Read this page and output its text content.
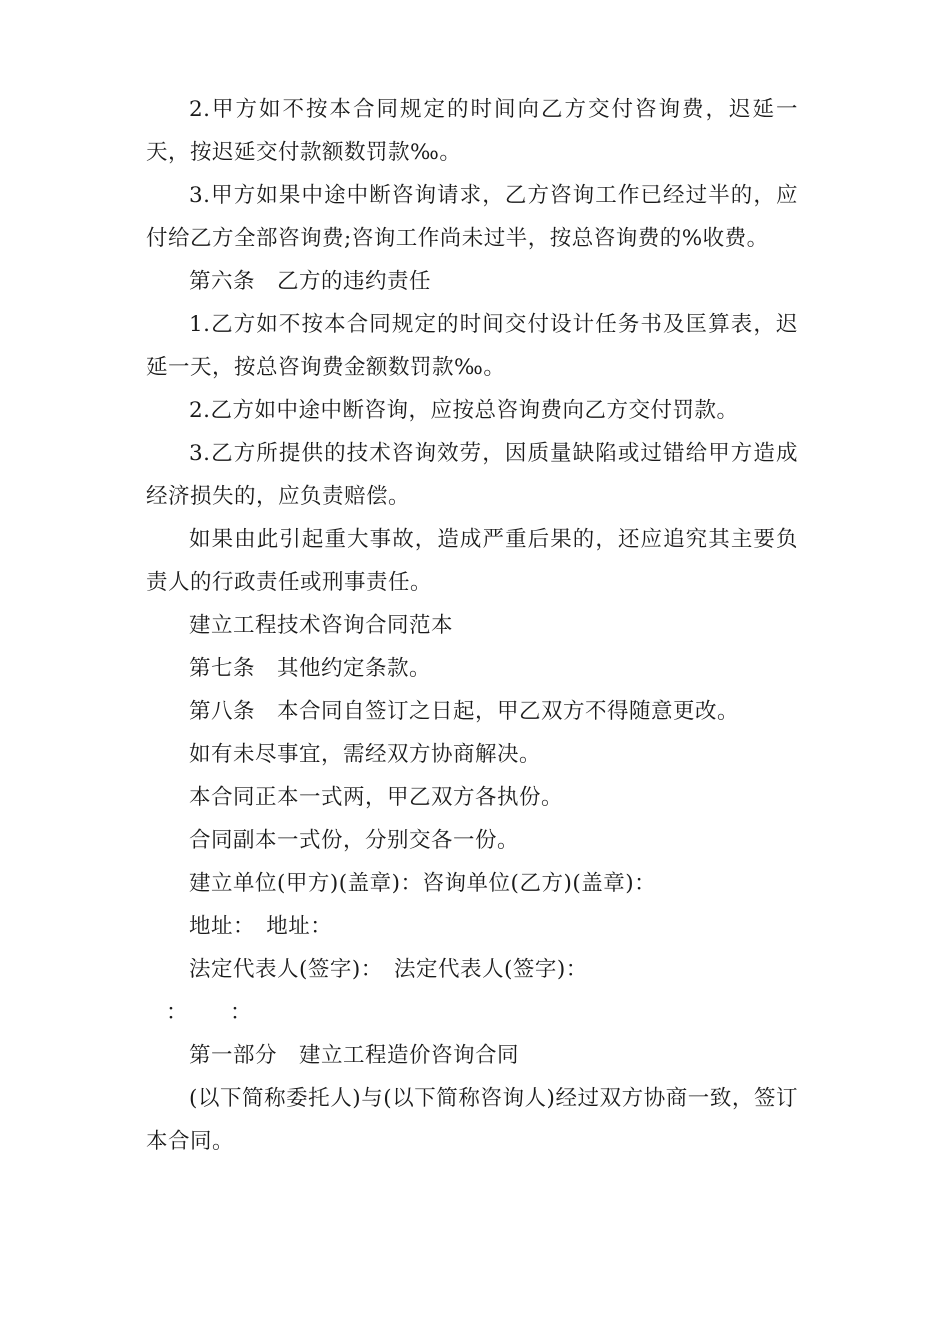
2.甲方如不按本合同规定的时间向乙方交付咨询费，迟延一天，按迟延交付款额数罚款‰。

3.甲方如果中途中断咨询请求，乙方咨询工作已经过半的，应付给乙方全部咨询费;咨询工作尚未过半，按总咨询费的%收费。

第六条　乙方的违约责任

1.乙方如不按本合同规定的时间交付设计任务书及匡算表，迟延一天，按总咨询费金额数罚款‰。

2.乙方如中途中断咨询，应按总咨询费向乙方交付罚款。

3.乙方所提供的技术咨询效劳，因质量缺陷或过错给甲方造成经济损失的，应负责赔偿。

如果由此引起重大事故，造成严重后果的，还应追究其主要负责人的行政责任或刑事责任。

建立工程技术咨询合同范本

第七条　其他约定条款。

第八条　本合同自签订之日起，甲乙双方不得随意更改。

如有未尽事宜，需经双方协商解决。

本合同正本一式两，甲乙双方各执份。

合同副本一式份，分别交各一份。

建立单位(甲方)(盖章)：咨询单位(乙方)(盖章)：

地址：　地址：

法定代表人(签字)：　法定代表人(签字)：

： ：

第一部分　建立工程造价咨询合同

(以下简称委托人)与(以下简称咨询人)经过双方协商一致，签订本合同。
